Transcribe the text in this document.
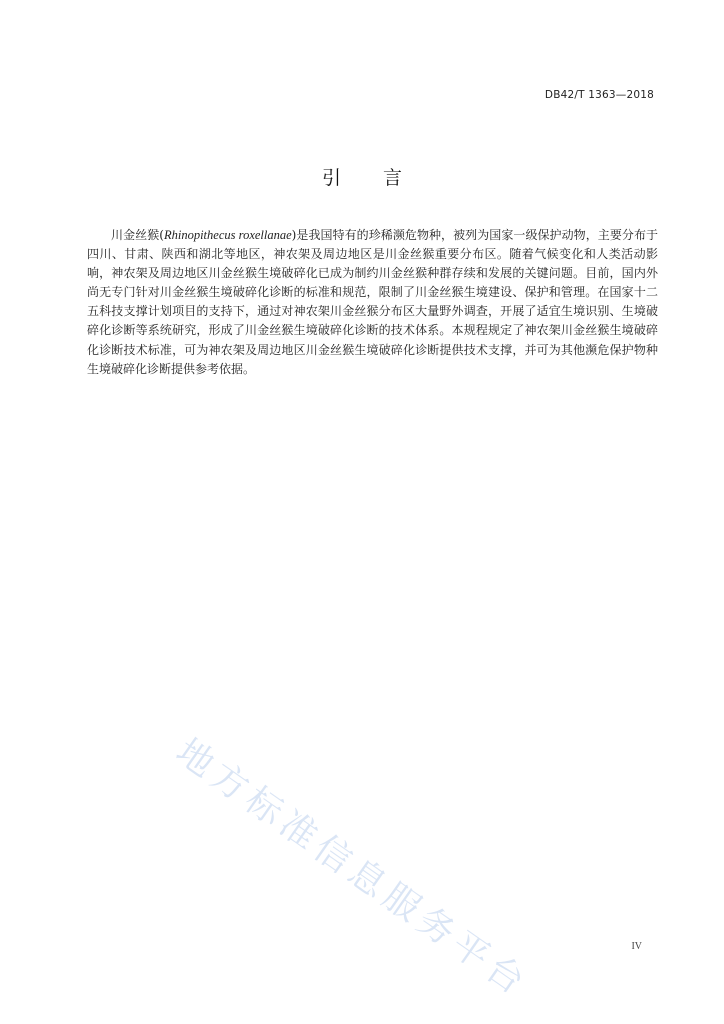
DB42/T 1363—2018
引 言

川金丝猴(Rhinopithecus roxellanae)是我国特有的珍稀濒危物种，被列为国家一级保护动物，主要分布于四川、甘肃、陕西和湖北等地区，神农架及周边地区是川金丝猴重要分布区。随着气候变化和人类活动影响，神农架及周边地区川金丝猴生境破碎化已成为制约川金丝猴种群存续和发展的关键问题。目前，国内外尚无专门针对川金丝猴生境破碎化诊断的标准和规范，限制了川金丝猴生境建设、保护和管理。在国家十二五科技支撑计划项目的支持下，通过对神农架川金丝猴分布区大量野外调查，开展了适宜生境识别、生境破碎化诊断等系统研究，形成了川金丝猴生境破碎化诊断的技术体系。本规程规定了神农架川金丝猴生境破碎化诊断技术标准，可为神农架及周边地区川金丝猴生境破碎化诊断提供技术支撑，并可为其他濒危保护物种生境破碎化诊断提供参考依据。

地方标准信息服务平台	IV
